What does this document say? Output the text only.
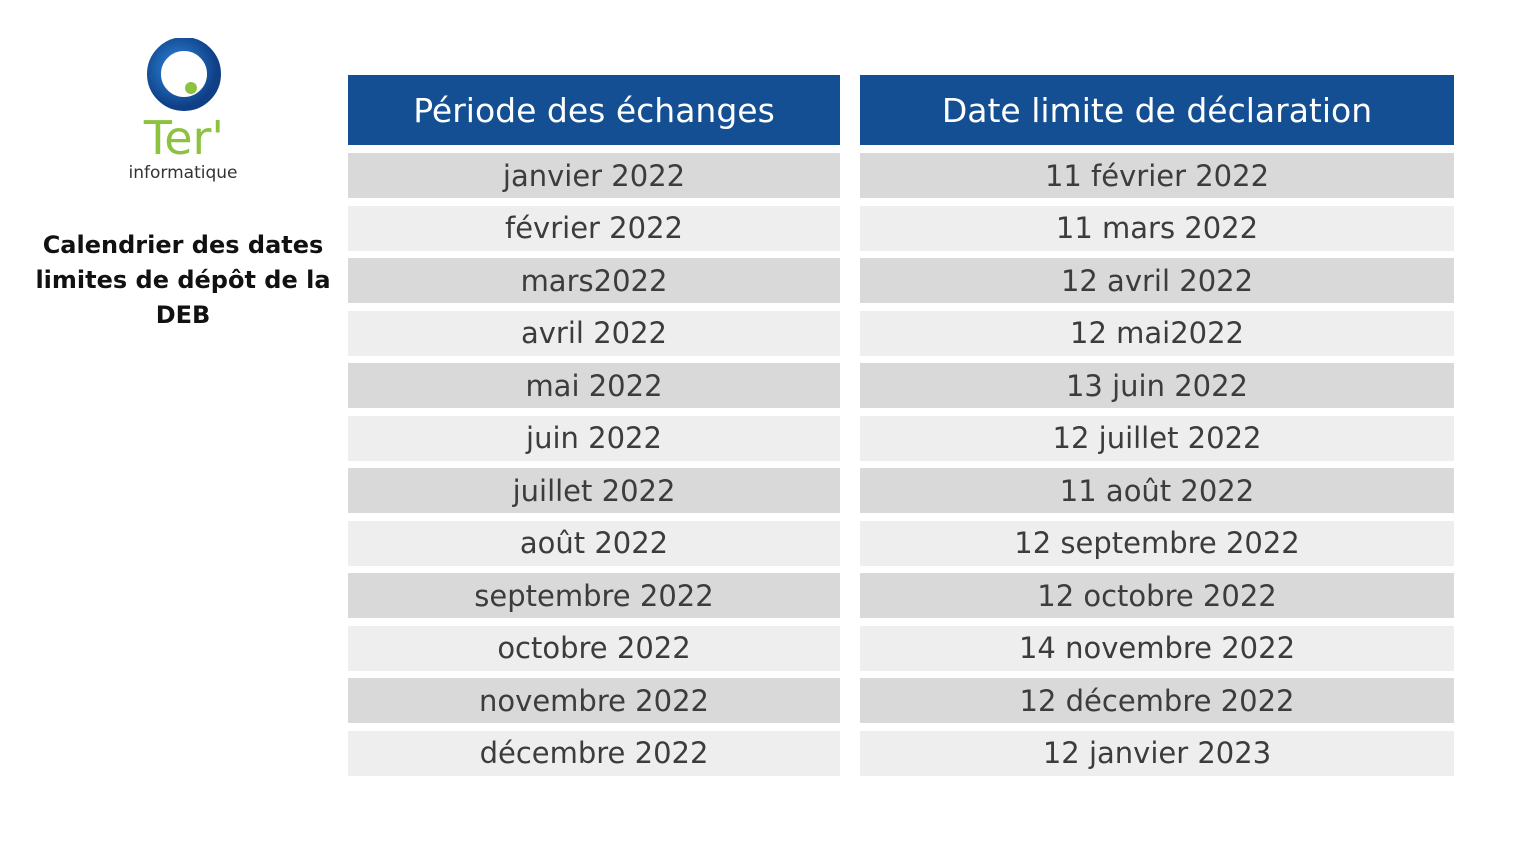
Ter'
informatique
Calendrier des dates
limites de dépôt de la
DEB
Période des échanges
janvier 2022
février 2022
mars2022
avril 2022
mai 2022
juin 2022
juillet 2022
août 2022
septembre 2022
octobre 2022
novembre 2022
décembre 2022
Date limite de déclaration
11 février 2022
11 mars 2022
12 avril 2022
12 mai2022
13 juin 2022
12 juillet 2022
11 août 2022
12 septembre 2022
12 octobre 2022
14 novembre 2022
12 décembre 2022
12 janvier 2023
